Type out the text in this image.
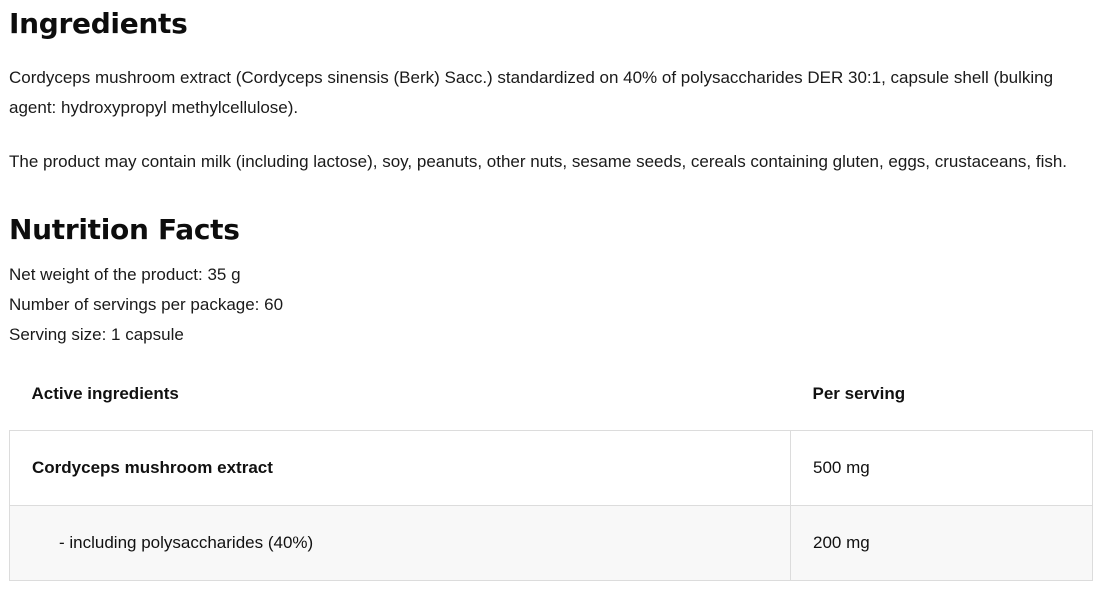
Ingredients

Cordyceps mushroom extract (Cordyceps sinensis (Berk) Sacc.) standardized on 40% of polysaccharides DER 30:1, capsule shell (bulking agent: hydroxypropyl methylcellulose).

The product may contain milk (including lactose), soy, peanuts, other nuts, sesame seeds, cereals containing gluten, eggs, crustaceans, fish.

Nutrition Facts

Net weight of the product: 35 g

Number of servings per package: 60

Serving size: 1 capsule

Active ingredients	Per serving
Cordyceps mushroom extract	500 mg
- including polysaccharides (40%)	200 mg
